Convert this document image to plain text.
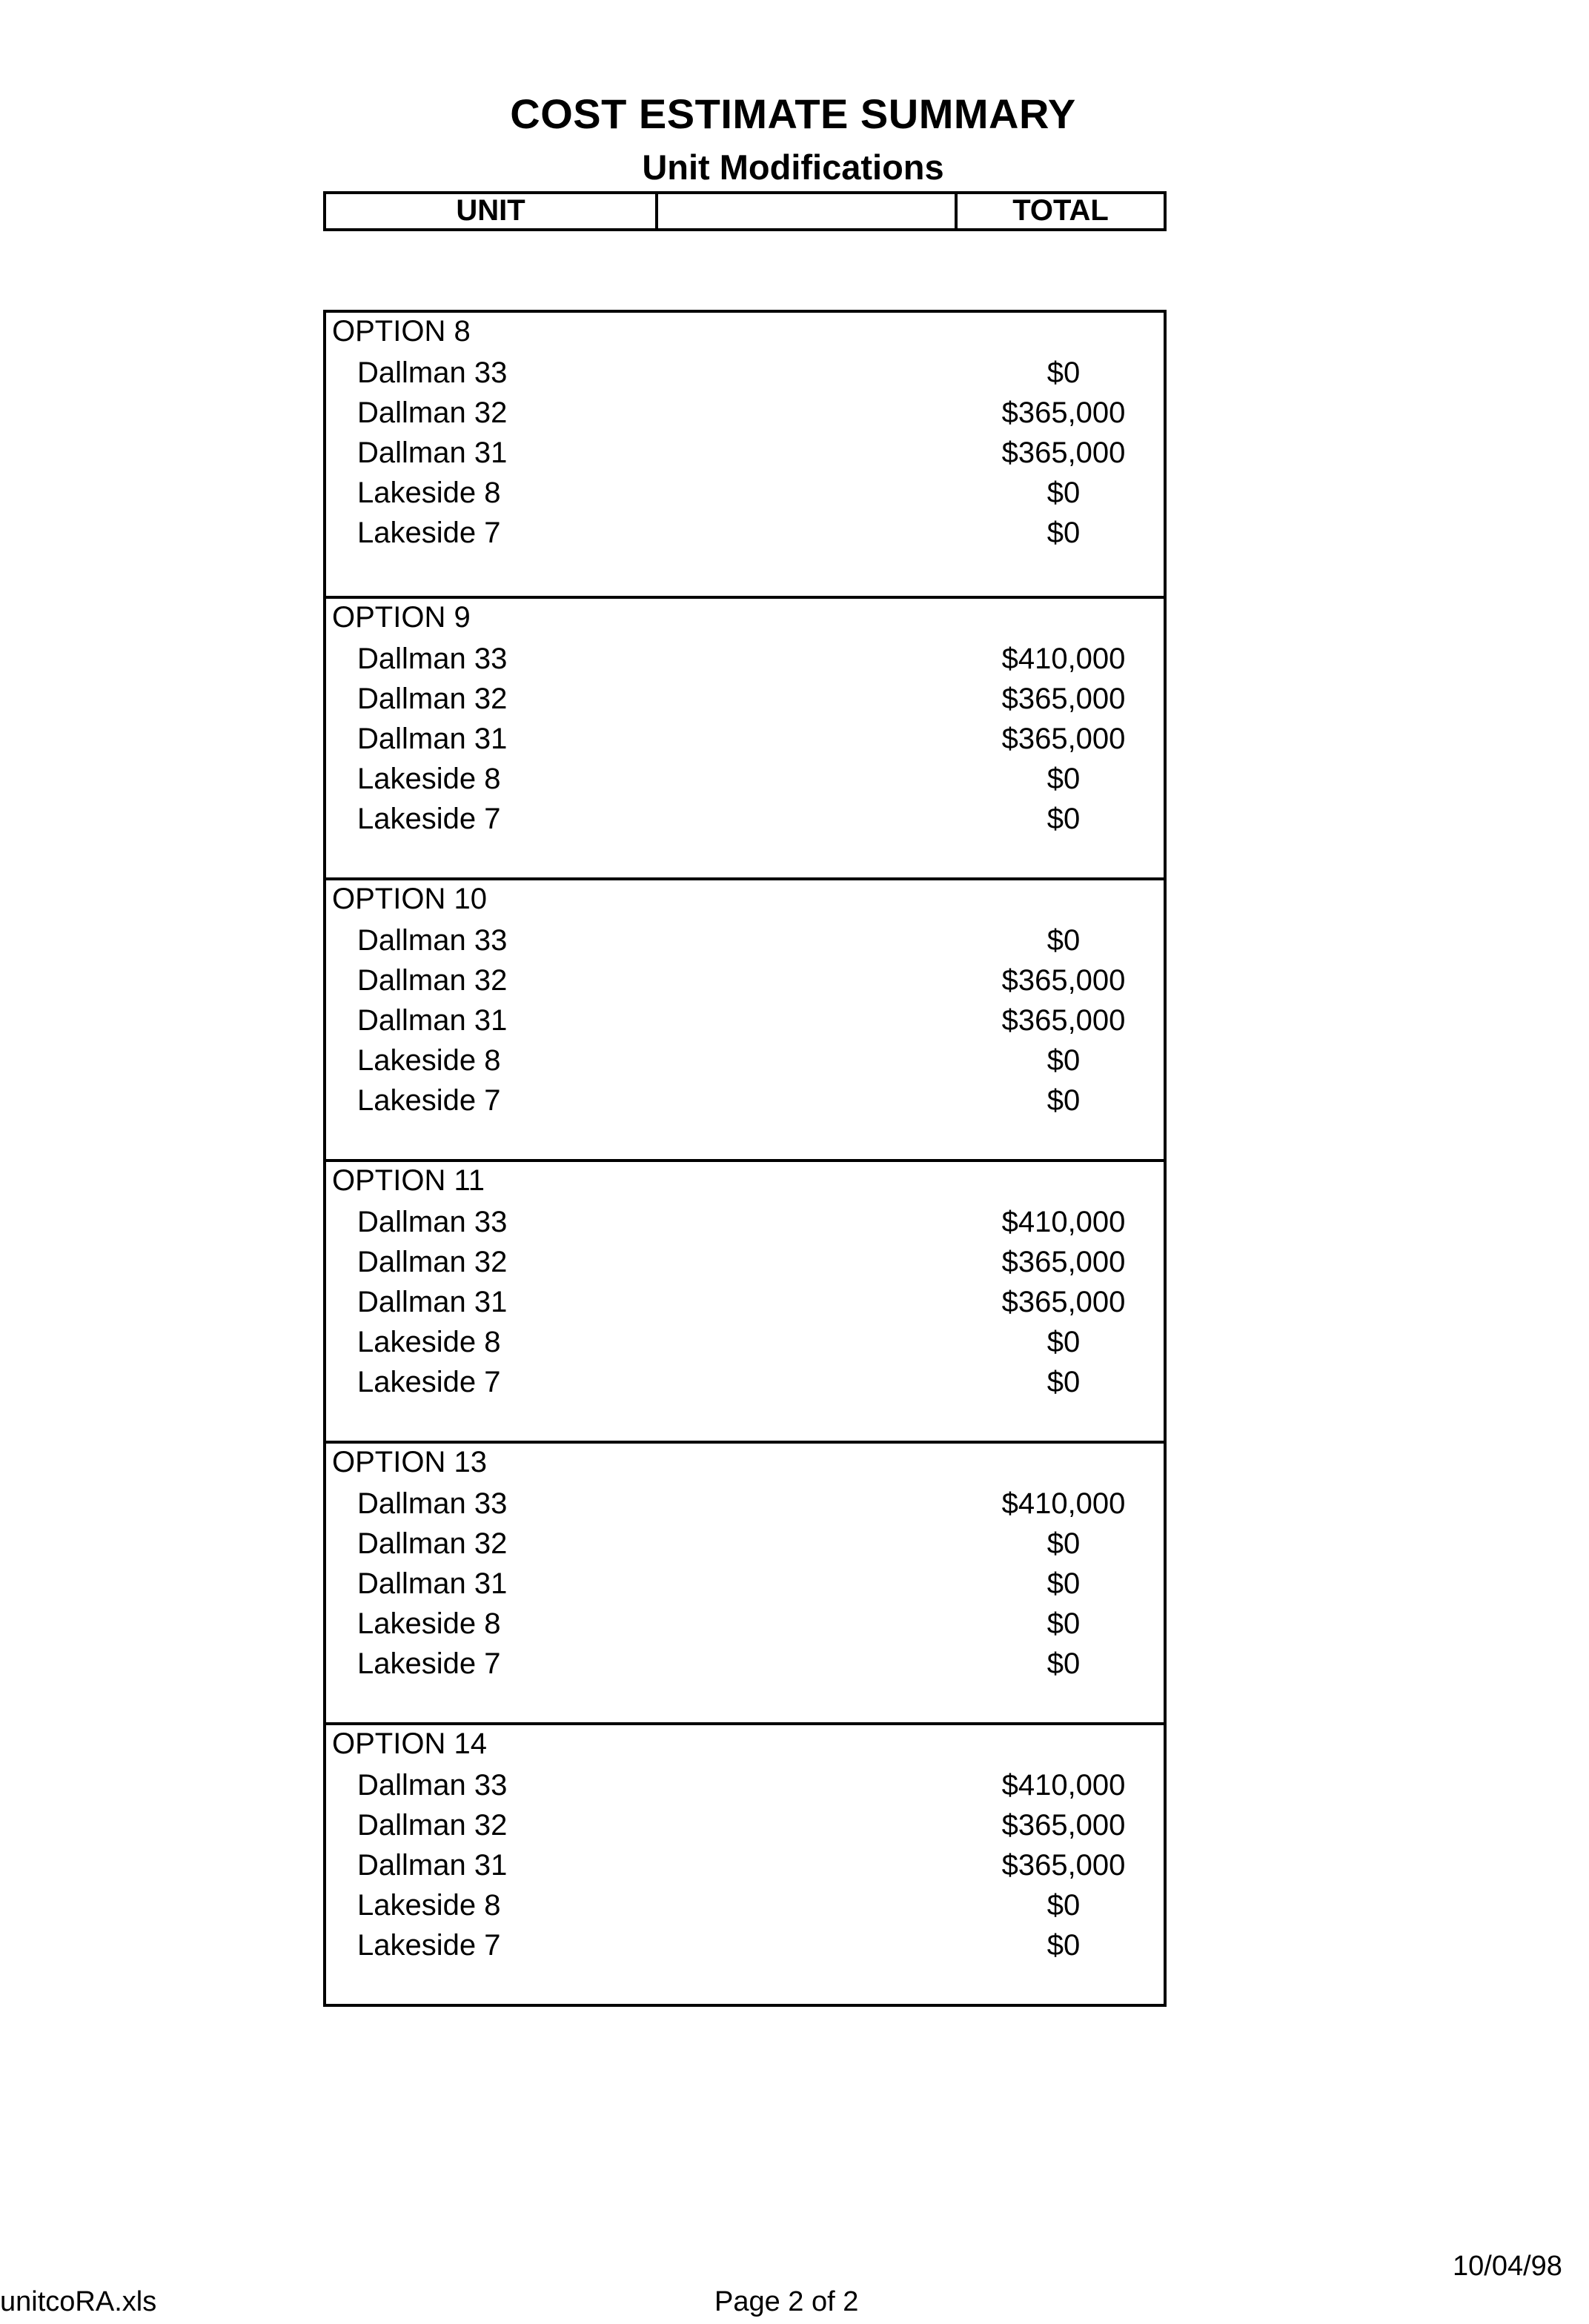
COST ESTIMATE SUMMARY
Unit Modifications
UNIT	TOTAL
OPTION 8
Dallman 33	$0
Dallman 32	$365,000
Dallman 31	$365,000
Lakeside 8	$0
Lakeside 7	$0
OPTION 9
Dallman 33	$410,000
Dallman 32	$365,000
Dallman 31	$365,000
Lakeside 8	$0
Lakeside 7	$0
OPTION 10
Dallman 33	$0
Dallman 32	$365,000
Dallman 31	$365,000
Lakeside 8	$0
Lakeside 7	$0
OPTION 11
Dallman 33	$410,000
Dallman 32	$365,000
Dallman 31	$365,000
Lakeside 8	$0
Lakeside 7	$0
OPTION 13
Dallman 33	$410,000
Dallman 32	$0
Dallman 31	$0
Lakeside 8	$0
Lakeside 7	$0
OPTION 14
Dallman 33	$410,000
Dallman 32	$365,000
Dallman 31	$365,000
Lakeside 8	$0
Lakeside 7	$0
unitcoRA.xls	Page 2 of 2
10/04/98
